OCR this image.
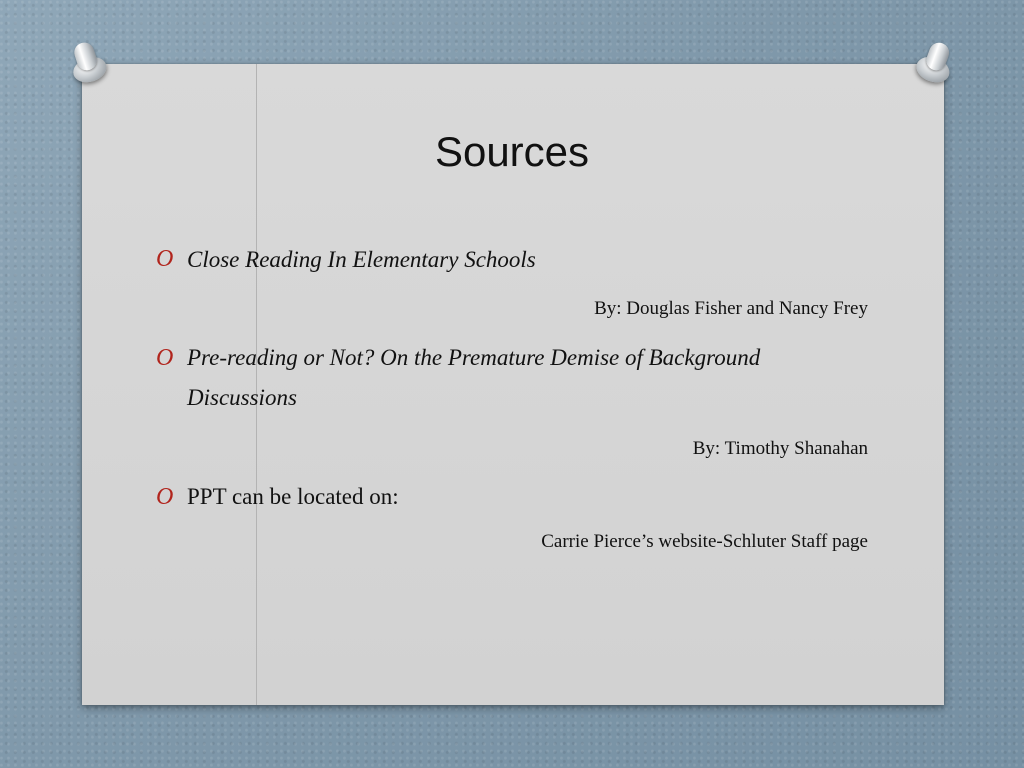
Sources
O Close Reading In Elementary Schools
By: Douglas Fisher and Nancy Frey
O Pre-reading or Not? On the Premature Demise of Background Discussions
By: Timothy Shanahan
O PPT can be located on:
Carrie Pierce’s website-Schluter Staff page
